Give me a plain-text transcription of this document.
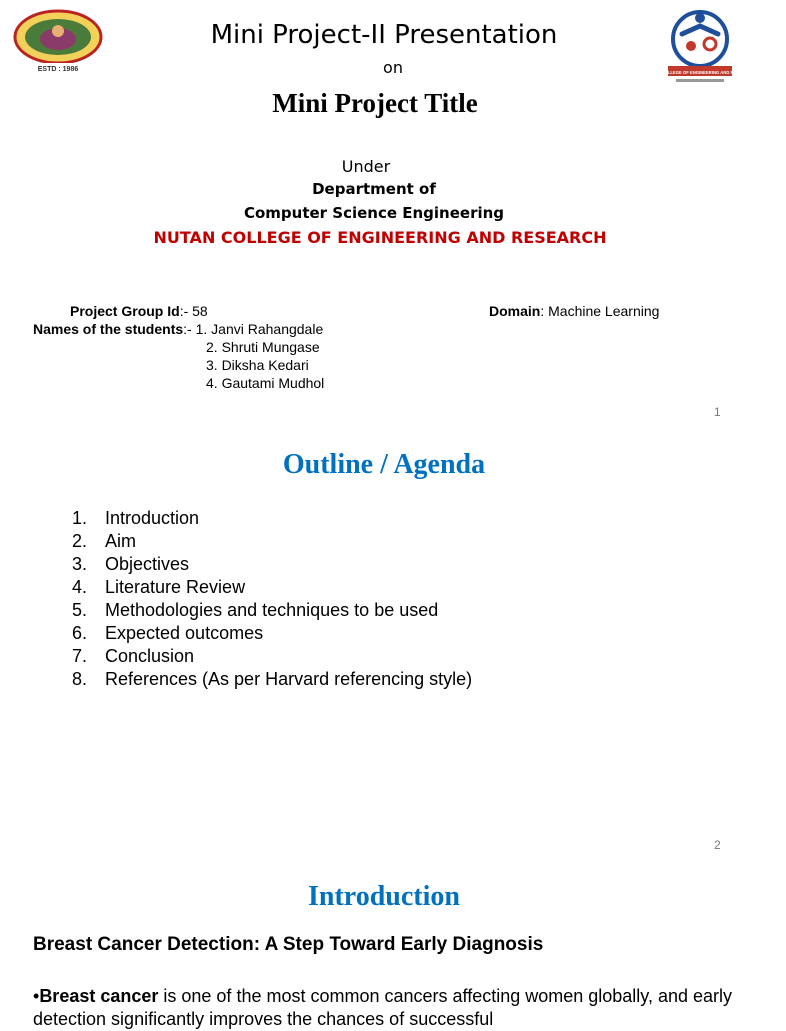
ESTD : 1986
Mini Project-II Presentation
on	NUTAN COLLEGE OF ENGINEERING AND RESEARCH
Mini Project Title
Under
Department of
Computer Science Engineering
NUTAN COLLEGE OF ENGINEERING AND RESEARCH
Project Group Id:- 58
Names of the students:- 1. Janvi Rahangdale
2. Shruti Mungase
3. Diksha Kedari
4. Gautami Mudhol
Domain: Machine Learning
1
Outline / Agenda
1. Introduction
2. Aim
3. Objectives
4. Literature Review
5. Methodologies and techniques to be used
6. Expected outcomes
7. Conclusion
8. References (As per Harvard referencing style)
2
Introduction
Breast Cancer Detection: A Step Toward Early Diagnosis
•Breast cancer is one of the most common cancers affecting women globally, and early detection significantly improves the chances of successful
